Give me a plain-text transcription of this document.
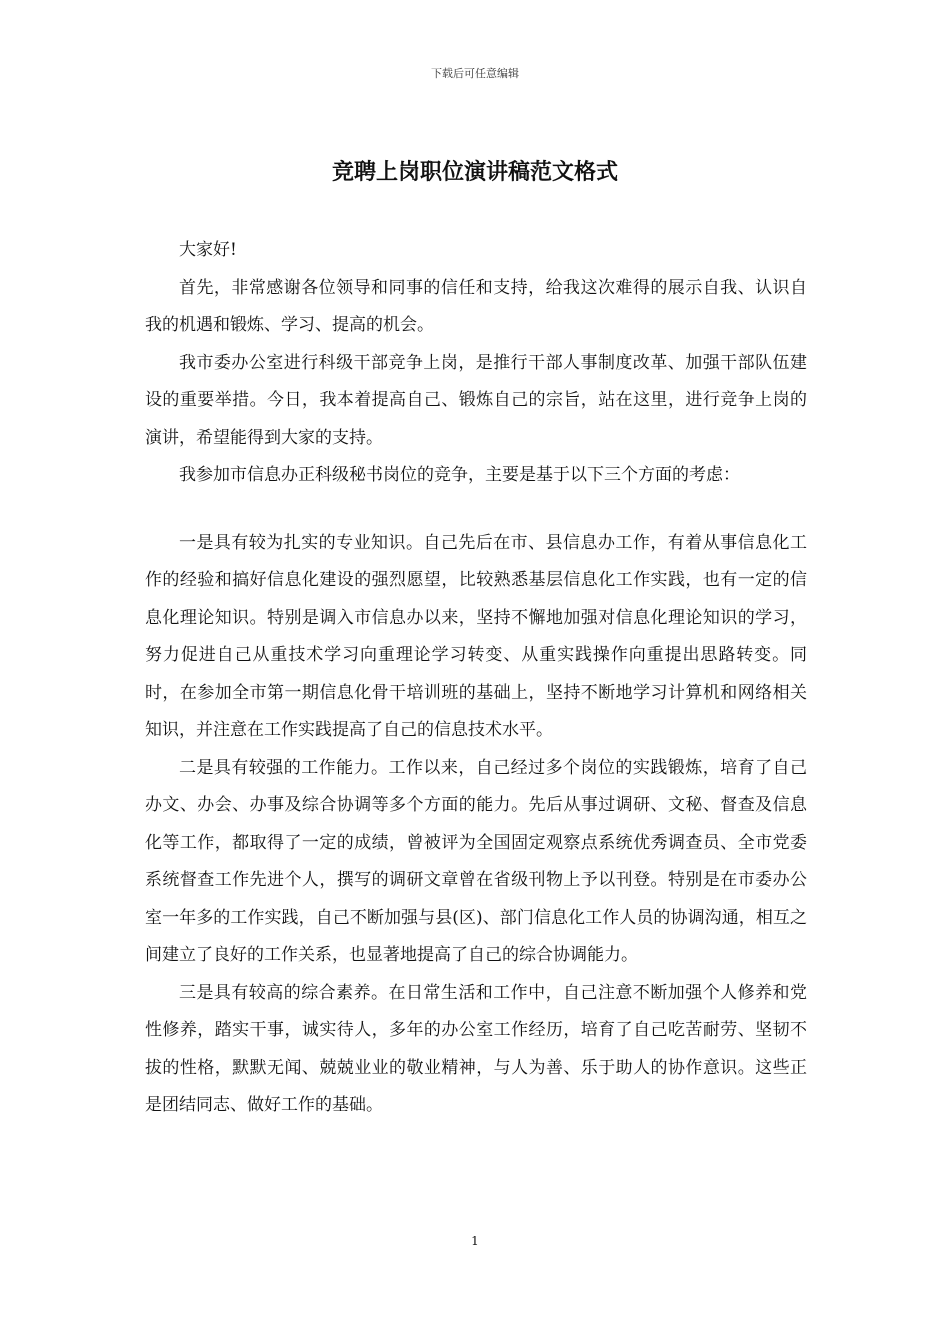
下载后可任意编辑
竞聘上岗职位演讲稿范文格式

大家好!

首先，非常感谢各位领导和同事的信任和支持，给我这次难得的展示自我、认识自我的机遇和锻炼、学习、提高的机会。

我市委办公室进行科级干部竞争上岗，是推行干部人事制度改革、加强干部队伍建设的重要举措。今日，我本着提高自己、锻炼自己的宗旨，站在这里，进行竞争上岗的演讲，希望能得到大家的支持。

我参加市信息办正科级秘书岗位的竞争，主要是基于以下三个方面的考虑：

一是具有较为扎实的专业知识。自己先后在市、县信息办工作，有着从事信息化工作的经验和搞好信息化建设的强烈愿望，比较熟悉基层信息化工作实践，也有一定的信息化理论知识。特别是调入市信息办以来，坚持不懈地加强对信息化理论知识的学习，努力促进自己从重技术学习向重理论学习转变、从重实践操作向重提出思路转变。同时，在参加全市第一期信息化骨干培训班的基础上，坚持不断地学习计算机和网络相关知识，并注意在工作实践提高了自己的信息技术水平。

二是具有较强的工作能力。工作以来，自己经过多个岗位的实践锻炼，培育了自己办文、办会、办事及综合协调等多个方面的能力。先后从事过调研、文秘、督查及信息化等工作，都取得了一定的成绩，曾被评为全国固定观察点系统优秀调查员、全市党委系统督查工作先进个人，撰写的调研文章曾在省级刊物上予以刊登。特别是在市委办公室一年多的工作实践，自己不断加强与县(区)、部门信息化工作人员的协调沟通，相互之间建立了良好的工作关系，也显著地提高了自己的综合协调能力。

三是具有较高的综合素养。在日常生活和工作中，自己注意不断加强个人修养和党性修养，踏实干事，诚实待人，多年的办公室工作经历，培育了自己吃苦耐劳、坚韧不拔的性格，默默无闻、兢兢业业的敬业精神，与人为善、乐于助人的协作意识。这些正是团结同志、做好工作的基础。

1
